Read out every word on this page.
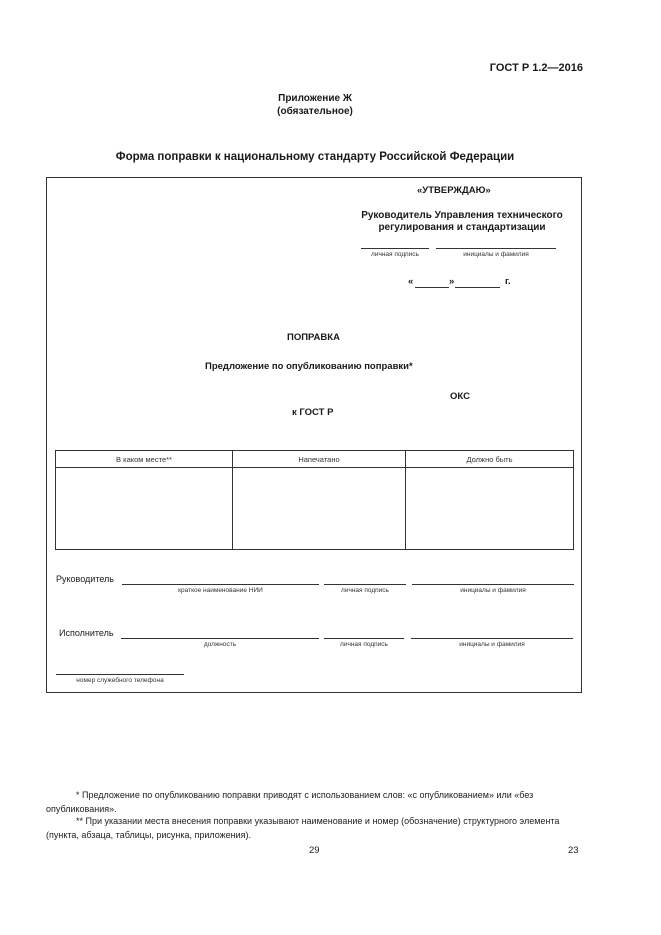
ГОСТ Р 1.2—2016
Приложение Ж
(обязательное)
Форма поправки к национальному стандарту Российской Федерации
«УТВЕРЖДАЮ»
Руководитель Управления технического
регулирования и стандартизации
личная подпись	инициалы и фамилия
«	»	г.
ПОПРАВКА
Предложение по опубликованию поправки*
ОКС
к ГОСТ Р
В каком месте**	Напечатано	Должно быть

Руководитель
краткое наименование НИИ	личная подпись	инициалы и фамилия
Исполнитель
должность	личная подпись	инициалы и фамилия
номер служебного телефона
* Предложение по опубликованию поправки приводят с использованием слов: «с опубликованием» или «без опубликования».
** При указании места внесения поправки указывают наименование и номер (обозначение) структурного элемента (пункта, абзаца, таблицы, рисунка, приложения).
29	23
